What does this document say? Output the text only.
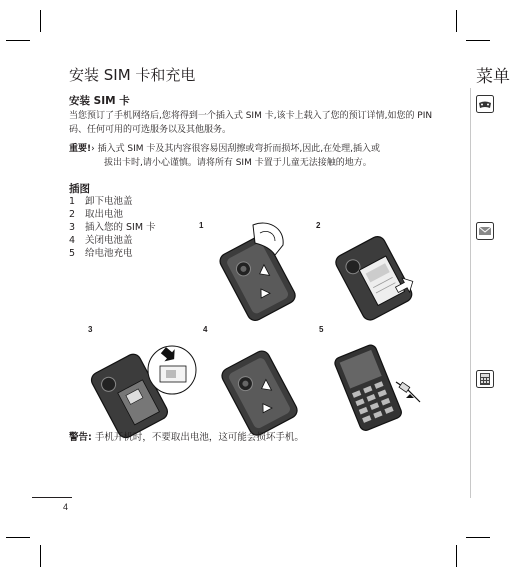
安装 SIM 卡和充电
安装 SIM 卡
当您预订了手机网络后,您将得到一个插入式 SIM 卡,该卡上载入了您的预订详情,如您的 PIN 码、任何可用的可选服务以及其他服务。
重要!› 插入式 SIM 卡及其内容很容易因刮擦或弯折而损坏,因此,在处理,插入或
拔出卡时,请小心谨慎。请将所有 SIM 卡置于儿童无法接触的地方。
插图
1 卸下电池盖
2 取出电池
3 插入您的 SIM 卡
4 关闭电池盖
5 给电池充电
1	2
3	4	5
警告: 手机开机时，不要取出电池，这可能会损坏手机。
4
菜单
